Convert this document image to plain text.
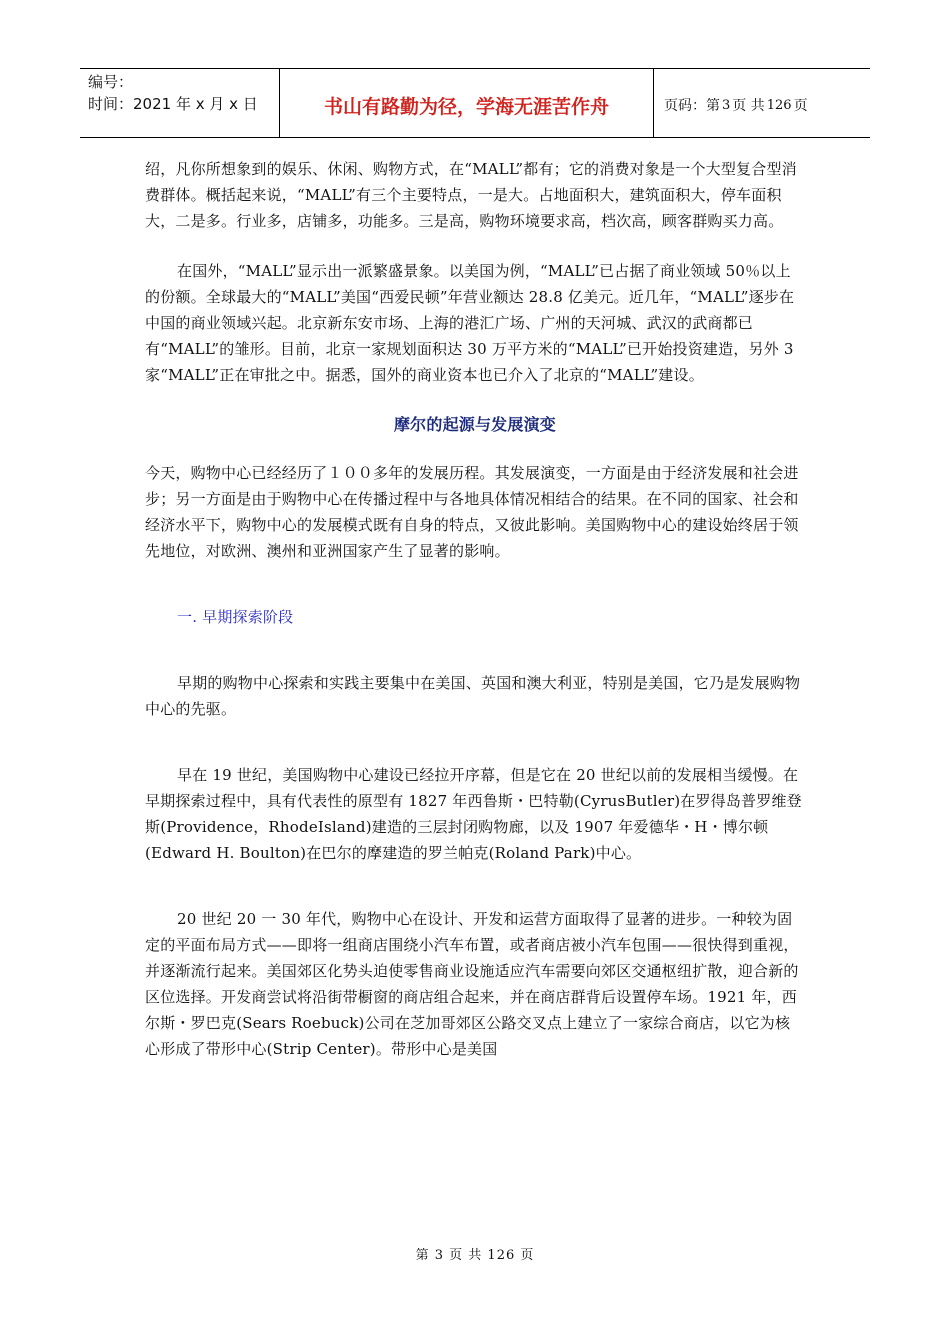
编号：
时间：2021 年 x 月 x 日	书山有路勤为径，学海无涯苦作舟	页码：第 3 页 共 126 页

绍，凡你所想象到的娱乐、休闲、购物方式，在“MALL”都有；它的消费对象是一个大型复合型消费群体。概括起来说，“MALL”有三个主要特点，一是大。占地面积大，建筑面积大，停车面积大，二是多。行业多，店铺多，功能多。三是高，购物环境要求高，档次高，顾客群购买力高。

在国外，“MALL”显示出一派繁盛景象。以美国为例，“MALL”已占据了商业领域 50％以上的份额。全球最大的“MALL”美国“西爱民顿”年营业额达 28.8 亿美元。近几年，“MALL”逐步在中国的商业领域兴起。北京新东安市场、上海的港汇广场、广州的天河城、武汉的武商都已有“MALL”的雏形。目前，北京一家规划面积达 30 万平方米的“MALL”已开始投资建造，另外 3 家“MALL”正在审批之中。据悉，国外的商业资本也已介入了北京的“MALL”建设。

摩尔的起源与发展演变

今天，购物中心已经经历了１００多年的发展历程。其发展演变，一方面是由于经济发展和社会进步；另一方面是由于购物中心在传播过程中与各地具体情况相结合的结果。在不同的国家、社会和经济水平下，购物中心的发展模式既有自身的特点，又彼此影响。美国购物中心的建设始终居于领先地位，对欧洲、澳州和亚洲国家产生了显著的影响。

一. 早期探索阶段

早期的购物中心探索和实践主要集中在美国、英国和澳大利亚，特别是美国，它乃是发展购物中心的先驱。

早在 19 世纪，美国购物中心建设已经拉开序幕，但是它在 20 世纪以前的发展相当缓慢。在早期探索过程中，具有代表性的原型有 1827 年西鲁斯・巴特勒(CyrusButler)在罗得岛普罗维登斯(Providence，RhodeIsland)建造的三层封闭购物廊，以及 1907 年爱德华・H・博尔顿(Edward H. Boulton)在巴尔的摩建造的罗兰帕克(Roland Park)中心。

20 世纪 20 一 30 年代，购物中心在设计、开发和运营方面取得了显著的进步。一种较为固定的平面布局方式——即将一组商店围绕小汽车布置，或者商店被小汽车包围——很快得到重视，并逐渐流行起来。美国郊区化势头迫使零售商业设施适应汽车需要向郊区交通枢纽扩散，迎合新的区位选择。开发商尝试将沿街带橱窗的商店组合起来，并在商店群背后设置停车场。1921 年，西尔斯・罗巴克(Sears Roebuck)公司在芝加哥郊区公路交叉点上建立了一家综合商店，以它为核心形成了带形中心(Strip Center)。带形中心是美国

第 3 页 共 126 页
